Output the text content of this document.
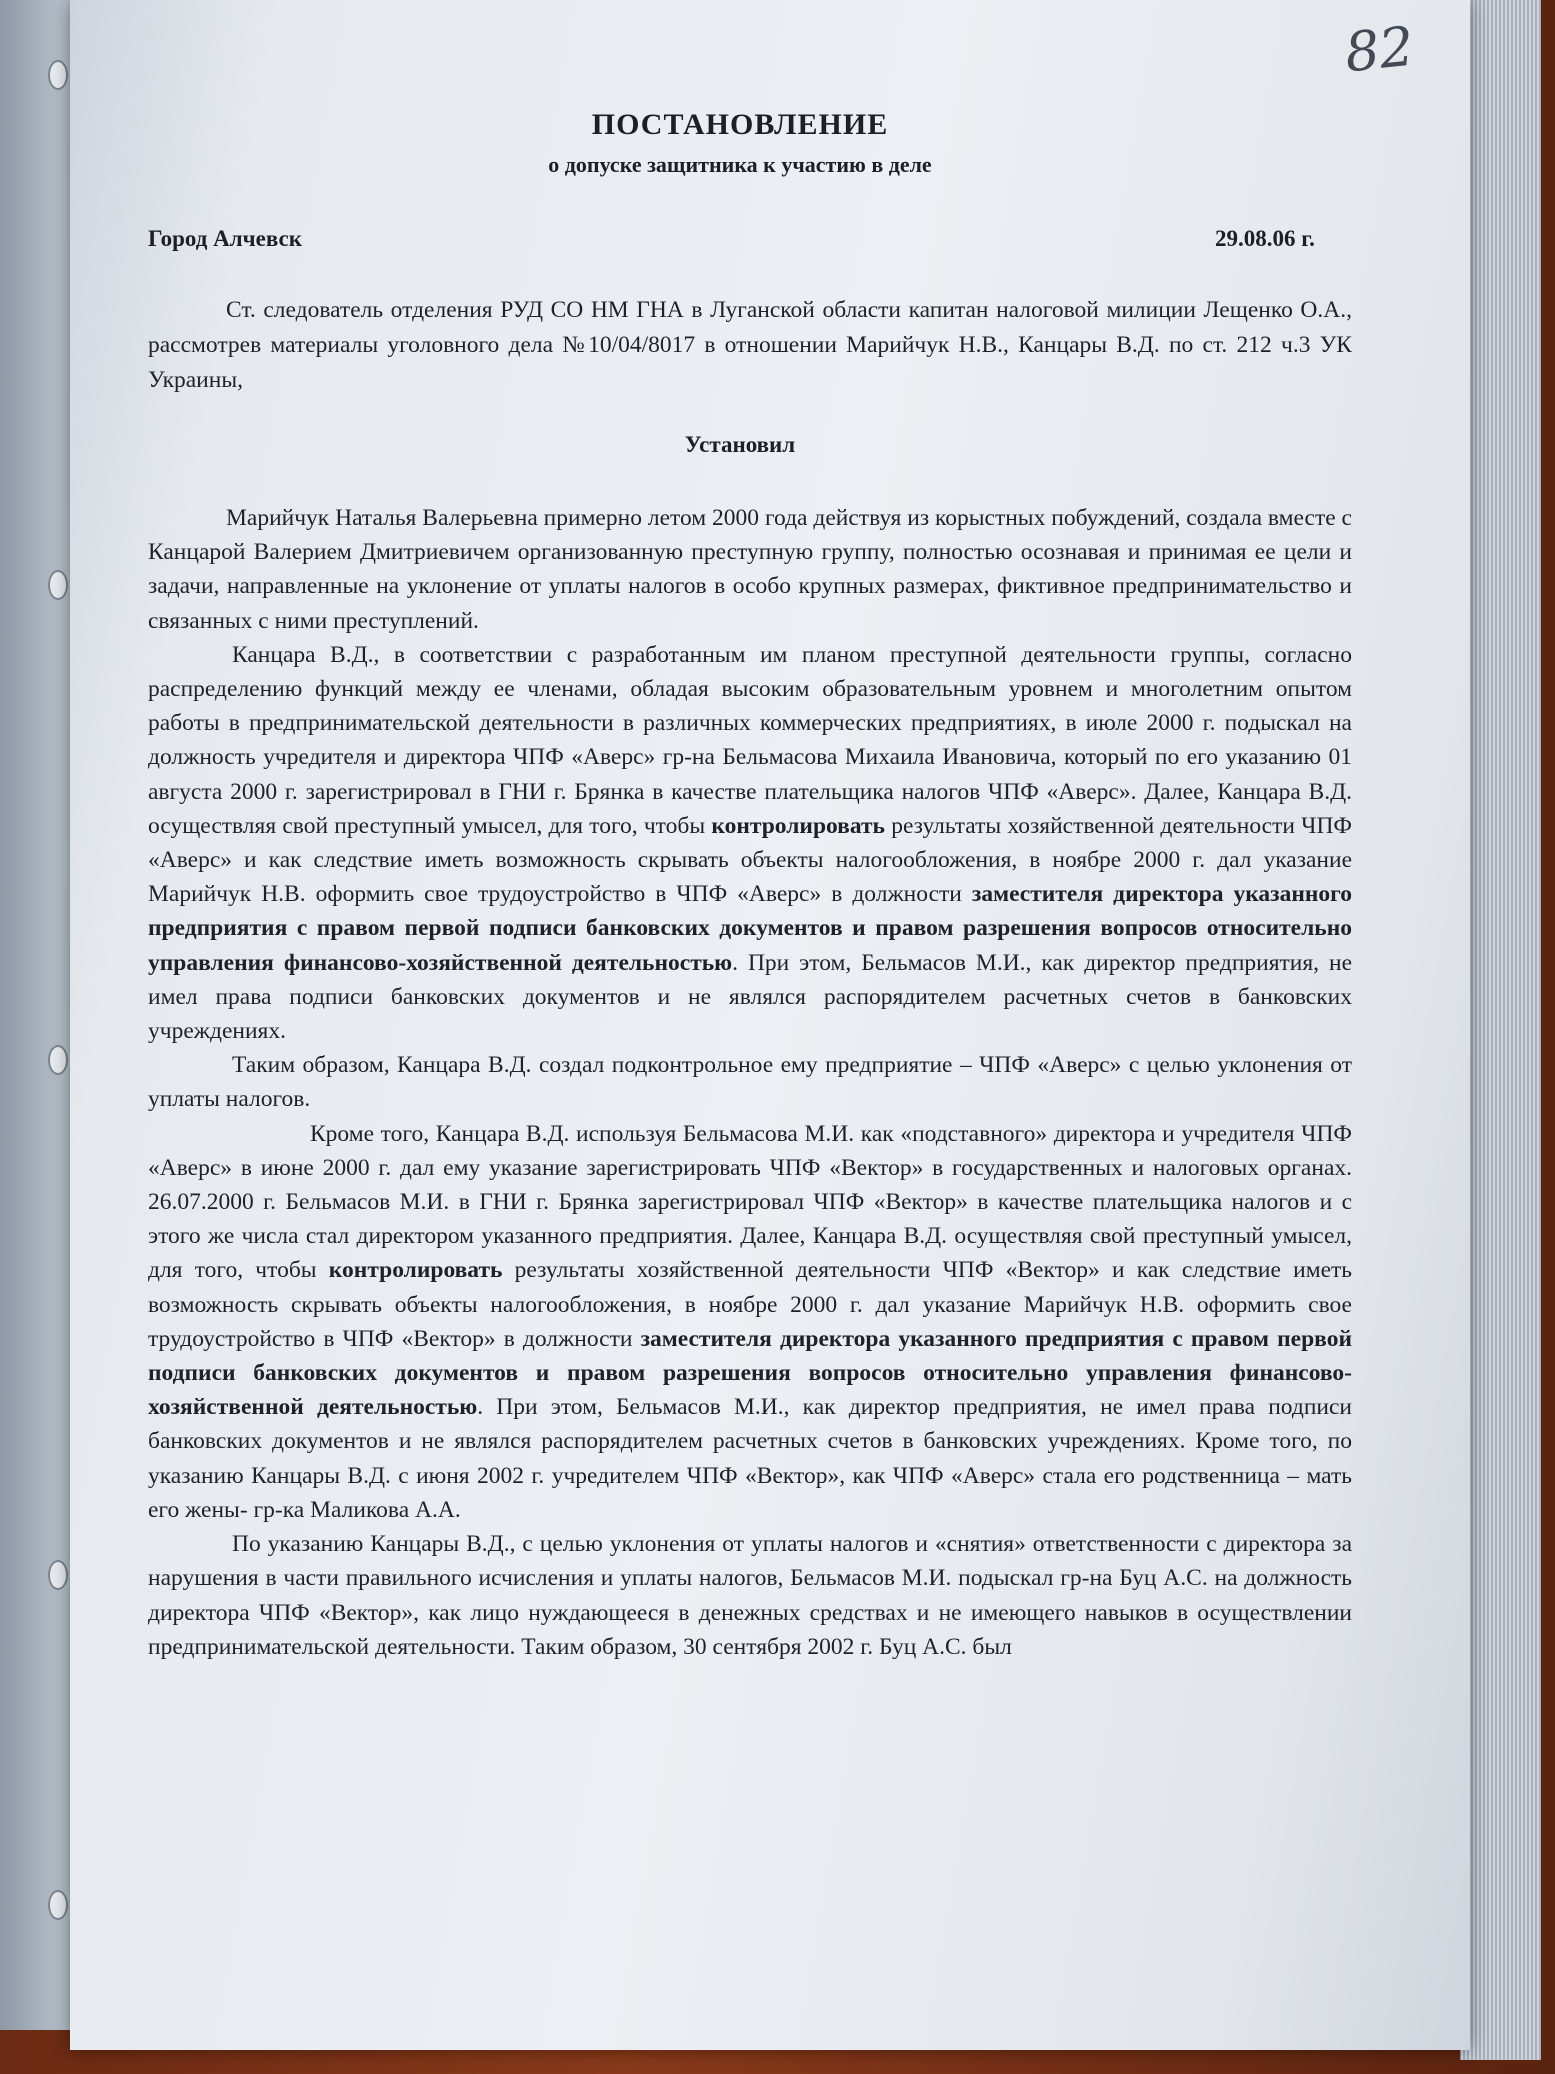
82
ПОСТАНОВЛЕНИЕ
о допуске защитника к участию в деле
Город Алчевск	29.08.06 г.
Ст. следователь отделения РУД СО НМ ГНА в Луганской области капитан налоговой милиции Лещенко О.А., рассмотрев материалы уголовного дела №10/04/8017 в отношении Марийчук Н.В., Канцары В.Д. по ст. 212 ч.3 УК Украины,
Установил

Марийчук Наталья Валерьевна примерно летом 2000 года действуя из корыстных побуждений, создала вместе с Канцарой Валерием Дмитриевичем организованную преступную группу, полностью осознавая и принимая ее цели и задачи, направленные на уклонение от уплаты налогов в особо крупных размерах, фиктивное предпринимательство и связанных с ними преступлений.

Канцара В.Д., в соответствии с разработанным им планом преступной деятельности группы, согласно распределению функций между ее членами, обладая высоким образовательным уровнем и многолетним опытом работы в предпринимательской деятельности в различных коммерческих предприятиях, в июле 2000 г. подыскал на должность учредителя и директора ЧПФ «Аверс» гр-на Бельмасова Михаила Ивановича, который по его указанию 01 августа 2000 г. зарегистрировал в ГНИ г. Брянка в качестве плательщика налогов ЧПФ «Аверс». Далее, Канцара В.Д. осуществляя свой преступный умысел, для того, чтобы контролировать результаты хозяйственной деятельности ЧПФ «Аверс» и как следствие иметь возможность скрывать объекты налогообложения, в ноябре 2000 г. дал указание Марийчук Н.В. оформить свое трудоустройство в ЧПФ «Аверс» в должности заместителя директора указанного предприятия с правом первой подписи банковских документов и правом разрешения вопросов относительно управления финансово-хозяйственной деятельностью. При этом, Бельмасов М.И., как директор предприятия, не имел права подписи банковских документов и не являлся распорядителем расчетных счетов в банковских учреждениях.

Таким образом, Канцара В.Д. создал подконтрольное ему предприятие – ЧПФ «Аверс» с целью уклонения от уплаты налогов.

Кроме того, Канцара В.Д. используя Бельмасова М.И. как «подставного» директора и учредителя ЧПФ «Аверс» в июне 2000 г. дал ему указание зарегистрировать ЧПФ «Вектор» в государственных и налоговых органах. 26.07.2000 г. Бельмасов М.И. в ГНИ г. Брянка зарегистрировал ЧПФ «Вектор» в качестве плательщика налогов и с этого же числа стал директором указанного предприятия. Далее, Канцара В.Д. осуществляя свой преступный умысел, для того, чтобы контролировать результаты хозяйственной деятельности ЧПФ «Вектор» и как следствие иметь возможность скрывать объекты налогообложения, в ноябре 2000 г. дал указание Марийчук Н.В. оформить свое трудоустройство в ЧПФ «Вектор» в должности заместителя директора указанного предприятия с правом первой подписи банковских документов и правом разрешения вопросов относительно управления финансово-хозяйственной деятельностью. При этом, Бельмасов М.И., как директор предприятия, не имел права подписи банковских документов и не являлся распорядителем расчетных счетов в банковских учреждениях. Кроме того, по указанию Канцары В.Д. с июня 2002 г. учредителем ЧПФ «Вектор», как ЧПФ «Аверс» стала его родственница – мать его жены- гр-ка Маликова А.А.

По указанию Канцары В.Д., с целью уклонения от уплаты налогов и «снятия» ответственности с директора за нарушения в части правильного исчисления и уплаты налогов, Бельмасов М.И. подыскал гр-на Буц А.С. на должность директора ЧПФ «Вектор», как лицо нуждающееся в денежных средствах и не имеющего навыков в осуществлении предпринимательской деятельности. Таким образом, 30 сентября 2002 г. Буц А.С. был
